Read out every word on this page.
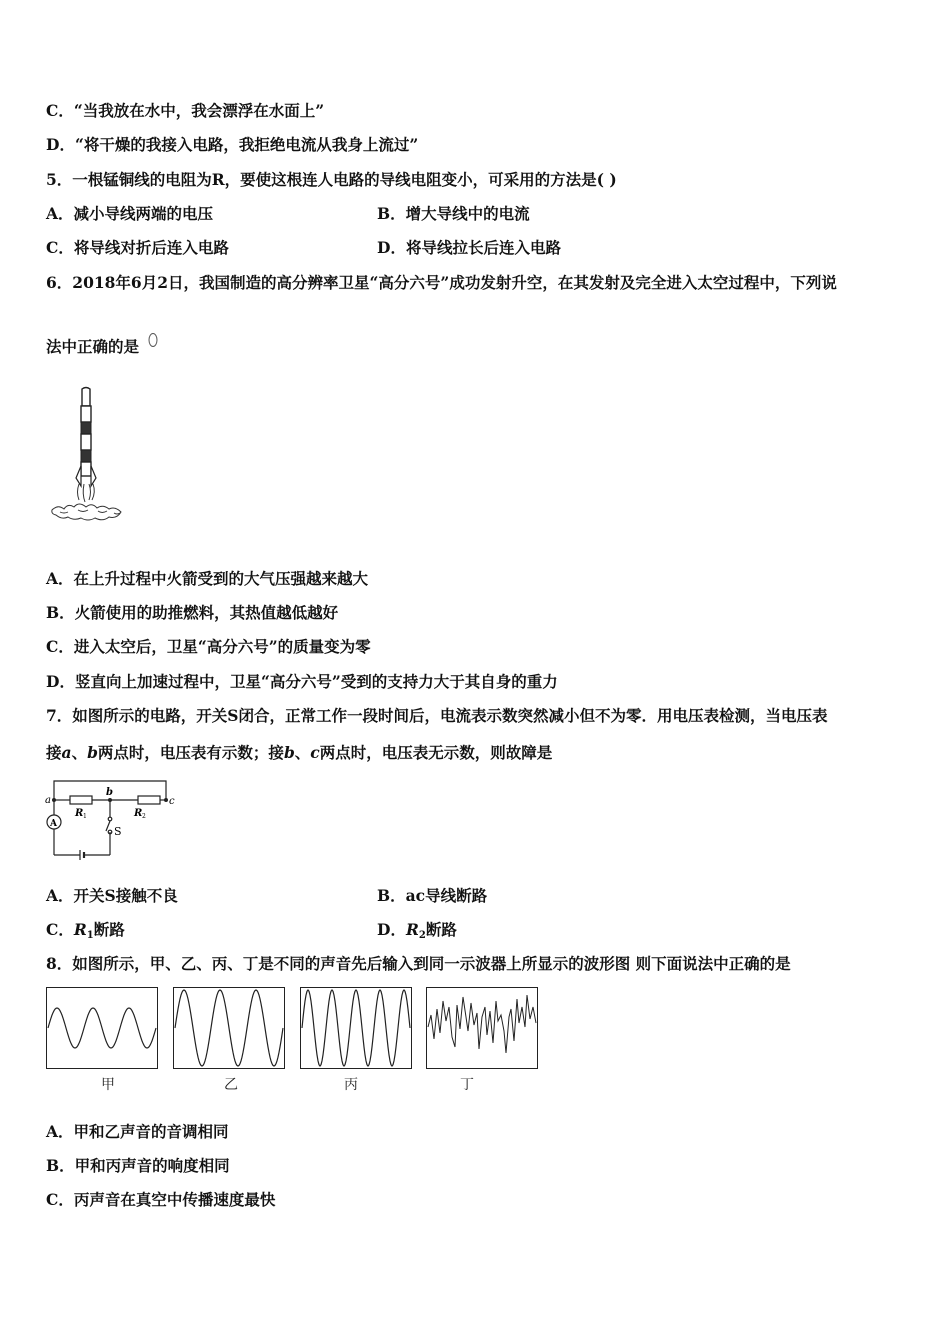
C．“当我放在水中，我会漂浮在水面上”
D．“将干燥的我接入电路，我拒绝电流从我身上流过”
5．一根锰铜线的电阻为R，要使这根连人电路的导线电阻变小，可采用的方法是( )
A．减小导线两端的电压	B．增大导线中的电流
C．将导线对折后连入电路	D．将导线拉长后连入电路
6．2018年6月2日，我国制造的高分辨率卫星“高分六号”成功发射升空，在其发射及完全进入太空过程中，下列说
法中正确的是
A．在上升过程中火箭受到的大气压强越来越大
B．火箭使用的助推燃料，其热值越低越好
C．进入太空后，卫星“高分六号”的质量变为零
D．竖直向上加速过程中，卫星“高分六号”受到的支持力大于其自身的重力
7．如图所示的电路，开关S闭合，正常工作一段时间后，电流表示数突然减小但不为零．用电压表检测，当电压表
接a、b两点时，电压表有示数；接b、c两点时，电压表无示数，则故障是
a
b
c
R 1	R 2
A
S
A．开关S接触不良	B．ac导线断路
C．$R_1$断路	D．$R_2$断路
8．如图所示，甲、乙、丙、丁是不同的声音先后输入到同一示波器上所显示的波形图 则下面说法中正确的是
甲	乙	丙	丁
A．甲和乙声音的音调相同
B．甲和丙声音的响度相同
C．丙声音在真空中传播速度最快
